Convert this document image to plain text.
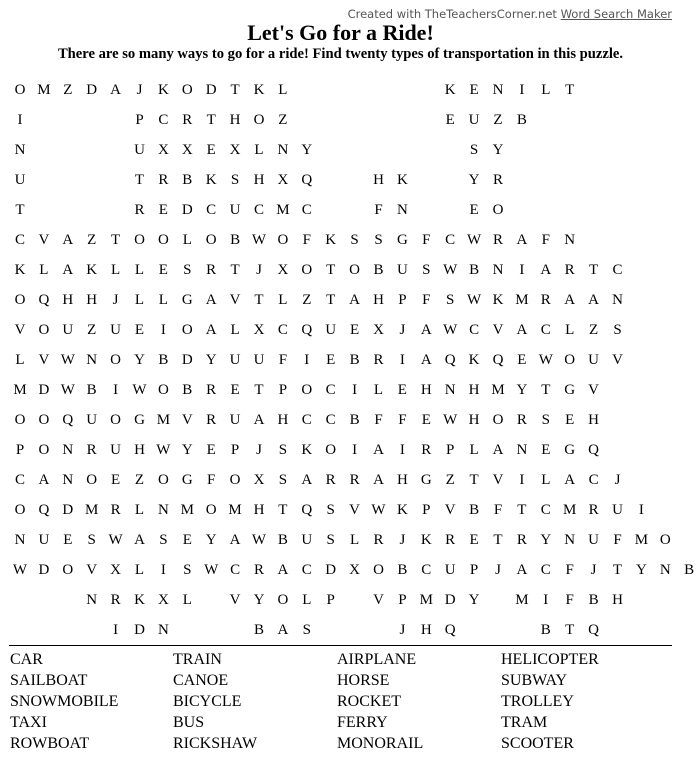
Created with TheTeachersCorner.net Word Search Maker
Let's Go for a Ride!
There are so many ways to go for a ride! Find twenty types of transportation in this puzzle.
O M Z D A	J	K O D T K L	K E N	I	L T
I	P C R T H O Z	E U Z B
N	U X X E X L N Y	S Y
U	T R B K S H X Q	H K	Y R
T	R E D C U C M C	F N	E O
C V A Z T O O L O B W O F K S	S G F C W R A F N
K L A K L L E	S R T	J	X O T O B U S W B N	I	A R T C
O Q H H	J	L L G A V T L Z T A H P	F	S W K M R A A N
V O U Z U E	I	O A L X C Q U E X	J	A W C V A C L Z	S
L V W N O Y B D Y U U F	I	E B R	I	A Q K Q E W O U V
M D W B	I W O B R E T	P O C	I	L E H N H M Y T G V
O O Q U O G M V R U A H C C B F	F	E W H O R S	E H
P O N R U H W Y E	P	J	S K O	I	A	I	R P	L A N E G Q
C A N O E Z O G F O X S A R R A H G Z T V	I	L A C	J
O Q D M R L N M O M H T Q S V W K P V B F	T C M R U	I
N U E	S W A S	E Y A W B U S	L R	J	K R E T R Y N U F M O
W D O V X L	I	S W C R A C D X O B C U P	J	A C F	J	T Y N B
N R K X L	V Y O L	P	V P M D Y	M I	F B H
I	D N	B A S	J	H Q	B T Q
CAR	TRAIN	AIRPLANE	HELICOPTER
SAILBOAT	CANOE	HORSE	SUBWAY
SNOWMOBILE	BICYCLE	ROCKET	TROLLEY
TAXI	BUS	FERRY	TRAM
ROWBOAT	RICKSHAW	MONORAIL	SCOOTER
